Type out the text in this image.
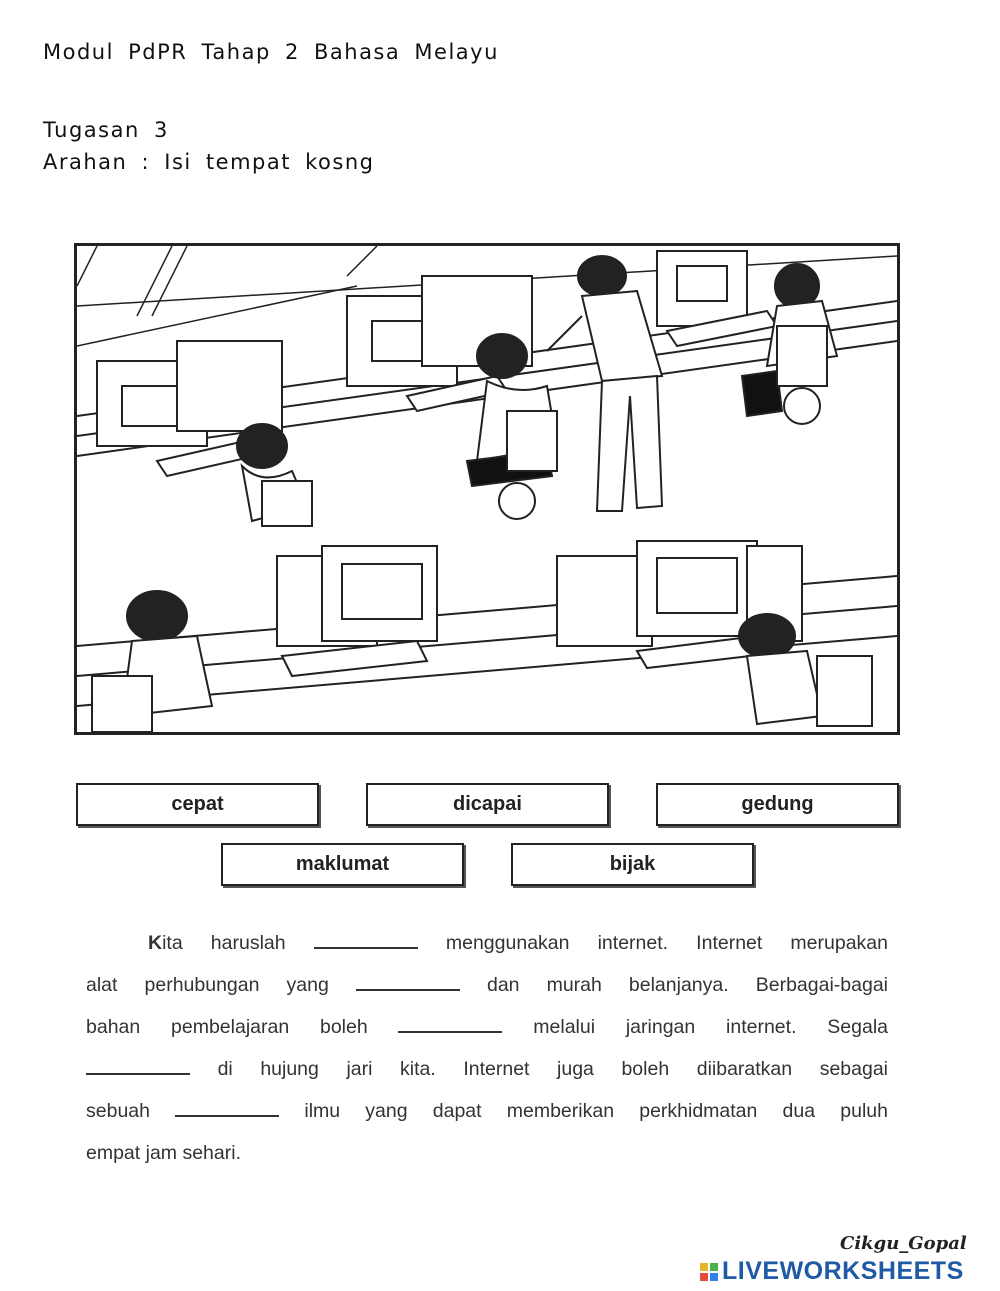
Modul PdPR Tahap 2 Bahasa Melayu
Tugasan 3
Arahan : Isi tempat kosng
cepat	dicapai	gedung
maklumat	bijak
Kita haruslah	menggunakan internet. Internet merupakan
alat perhubungan yang	dan murah belanjanya. Berbagai-bagai
bahan pembelajaran boleh	melalui jaringan internet. Segala
di hujung jari kita. Internet juga boleh diibaratkan sebagai
sebuah	ilmu yang dapat memberikan perkhidmatan dua puluh
empat jam sehari.
Cikgu_Gopal
LIVEWORKSHEETS
